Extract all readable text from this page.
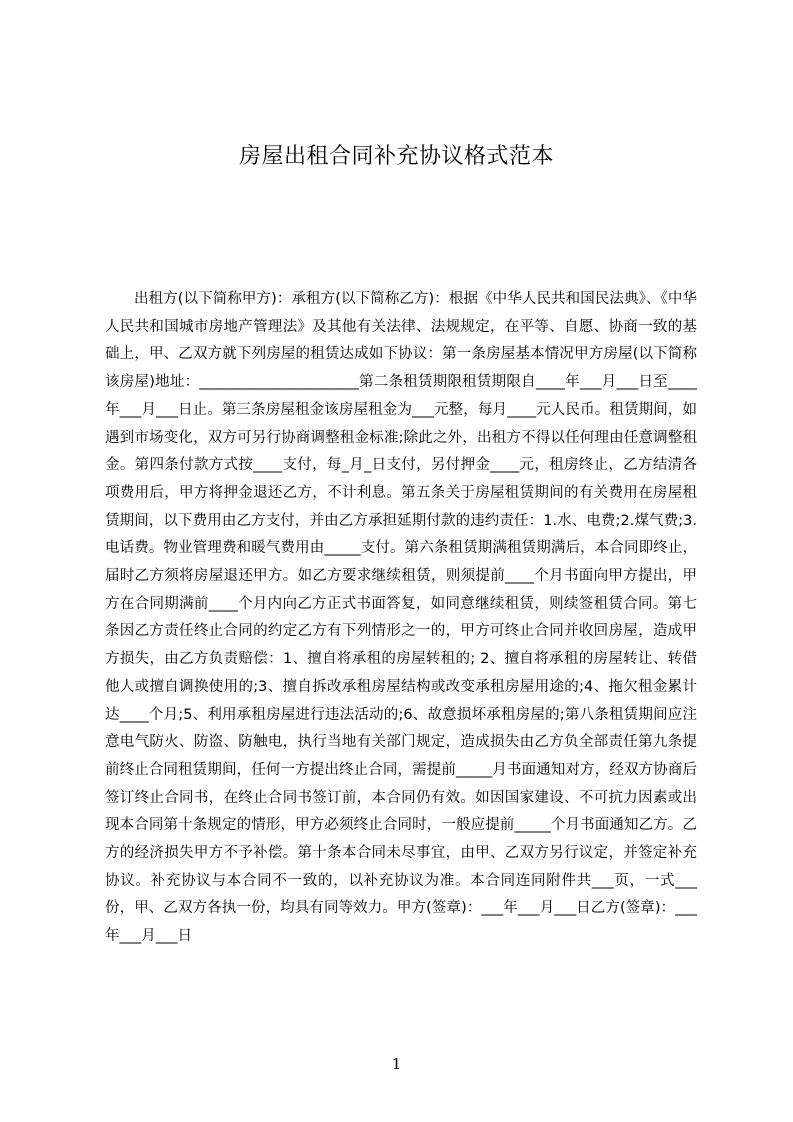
房屋出租合同补充协议格式范本

出租方(以下简称甲方)：承租方(以下简称乙方)：根据《中华人民共和国民法典》、《中华人民共和国城市房地产管理法》及其他有关法律、法规规定，在平等、自愿、协商一致的基础上，甲、乙双方就下列房屋的租赁达成如下协议：第一条房屋基本情况甲方房屋(以下简称该房屋)地址：______________________第二条租赁期限租赁期限自____年___月___日至____年___月___日止。第三条房屋租金该房屋租金为___元整，每月____元人民币。租赁期间，如遇到市场变化，双方可另行协商调整租金标准;除此之外，出租方不得以任何理由任意调整租金。第四条付款方式按____支付，每_月_日支付，另付押金____元，租房终止，乙方结清各项费用后，甲方将押金退还乙方，不计利息。第五条关于房屋租赁期间的有关费用在房屋租赁期间，以下费用由乙方支付，并由乙方承担延期付款的违约责任：1.水、电费;2.煤气费;3.电话费。物业管理费和暖气费用由_____支付。第六条租赁期满租赁期满后，本合同即终止，届时乙方须将房屋退还甲方。如乙方要求继续租赁，则须提前____个月书面向甲方提出，甲方在合同期满前____个月内向乙方正式书面答复，如同意继续租赁，则续签租赁合同。第七条因乙方责任终止合同的约定乙方有下列情形之一的，甲方可终止合同并收回房屋，造成甲方损失，由乙方负责赔偿：1、擅自将承租的房屋转租的; 2、擅自将承租的房屋转让、转借他人或擅自调换使用的;3、擅自拆改承租房屋结构或改变承租房屋用途的;4、拖欠租金累计达____个月;5、利用承租房屋进行违法活动的;6、故意损坏承租房屋的;第八条租赁期间应注意电气防火、防盗、防触电，执行当地有关部门规定，造成损失由乙方负全部责任第九条提前终止合同租赁期间，任何一方提出终止合同，需提前_____月书面通知对方，经双方协商后签订终止合同书，在终止合同书签订前，本合同仍有效。如因国家建设、不可抗力因素或出现本合同第十条规定的情形，甲方必须终止合同时，一般应提前_____个月书面通知乙方。乙方的经济损失甲方不予补偿。第十条本合同未尽事宜，由甲、乙双方另行议定，并签定补充协议。补充协议与本合同不一致的，以补充协议为准。本合同连同附件共___页，一式___份，甲、乙双方各执一份，均具有同等效力。甲方(签章)：___年___月___日乙方(签章)：___年___月___日

1
